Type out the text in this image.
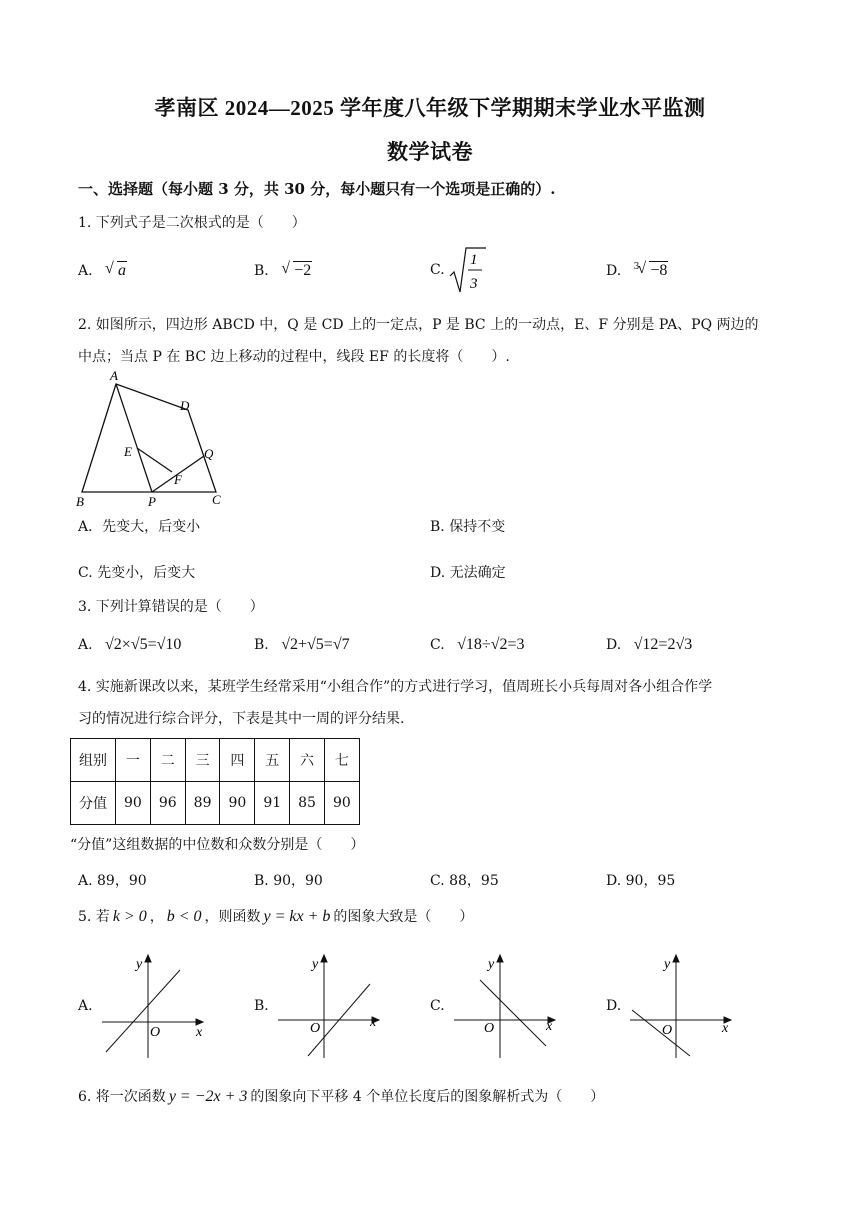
孝南区 2024—2025 学年度八年级下学期期末学业水平监测
数学试卷
一、选择题（每小题 3 分，共 30 分，每小题只有一个选项是正确的）.
1. 下列式子是二次根式的是（　　）
A. √ a	B. √ −2	C.
1
3
D. $^3$ √ −8
2. 如图所示，四边形 ABCD 中，Q 是 CD 上的一定点，P 是 BC 上的一动点，E、F 分别是 PA、PQ 两边的
中点；当点 P 在 BC 边上移动的过程中，线段 EF 的长度将（　　）.
A
D
E	Q
F
B	P	C
A．先变大，后变小	B. 保持不变
C. 先变小，后变大	D. 无法确定
3. 下列计算错误的是（　　）
A. √2×√5=√10	B. √2+√5=√7	C. √18÷√2=3	D. √12=2√3
4. 实施新课改以来，某班学生经常采用“小组合作”的方式进行学习，值周班长小兵每周对各小组合作学
习的情况进行综合评分，下表是其中一周的评分结果.
组别	一	二	三	四	五	六	七
分值	90	96	89	90	91	85	90
“分值”这组数据的中位数和众数分别是（　　）
A. 89，90	B. 90，90	C. 88，95	D. 90，95
5. 若 k > 0 ， b < 0 ，则函数 y = kx + b 的图象大致是（　　）
A.	B.	C.	D.
y
x
O
y
x
O
y
x
O
y
x
O
6. 将一次函数 y = −2x + 3 的图象向下平移 4 个单位长度后的图象解析式为（　　）
